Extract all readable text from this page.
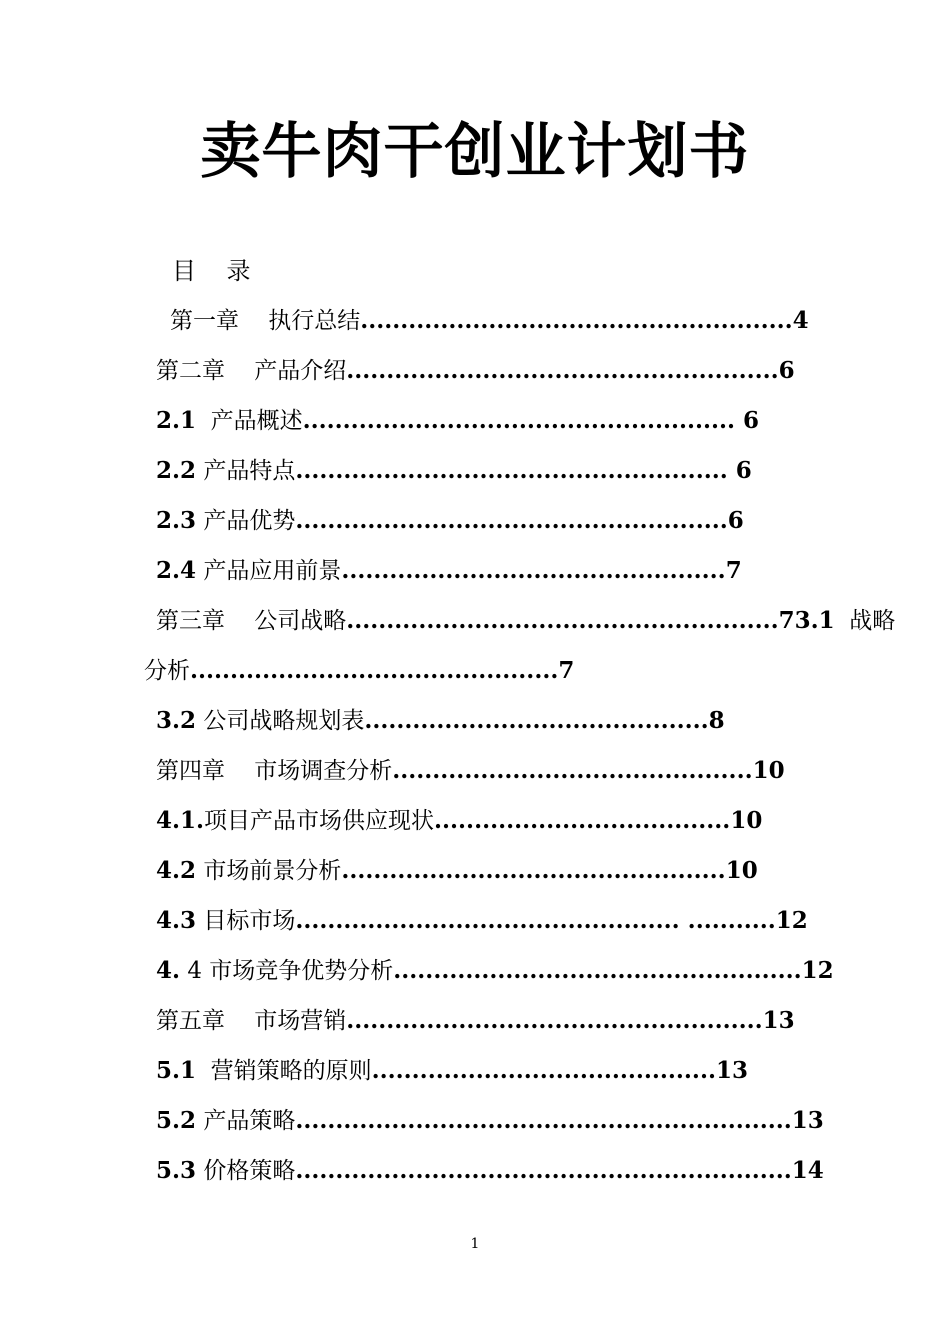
卖牛肉干创业计划书

目    录

第一章    执行总结......................................................4
第二章    产品介绍......................................................6
2.1  产品概述...................................................... 6
2.2 产品特点...................................................... 6
2.3 产品优势......................................................6
2.4 产品应用前景................................................7
第三章    公司战略......................................................73.1  战略
分析..............................................7
3.2 公司战略规划表...........................................8
第四章    市场调查分析.............................................10
4.1.项目产品市场供应现状.....................................10
4.2 市场前景分析................................................10
4.3 目标市场................................................ ...........12
4. 4 市场竞争优势分析...................................................12
第五章    市场营销....................................................13
5.1  营销策略的原则...........................................13
5.2 产品策略..............................................................13
5.3 价格策略..............................................................14

1
